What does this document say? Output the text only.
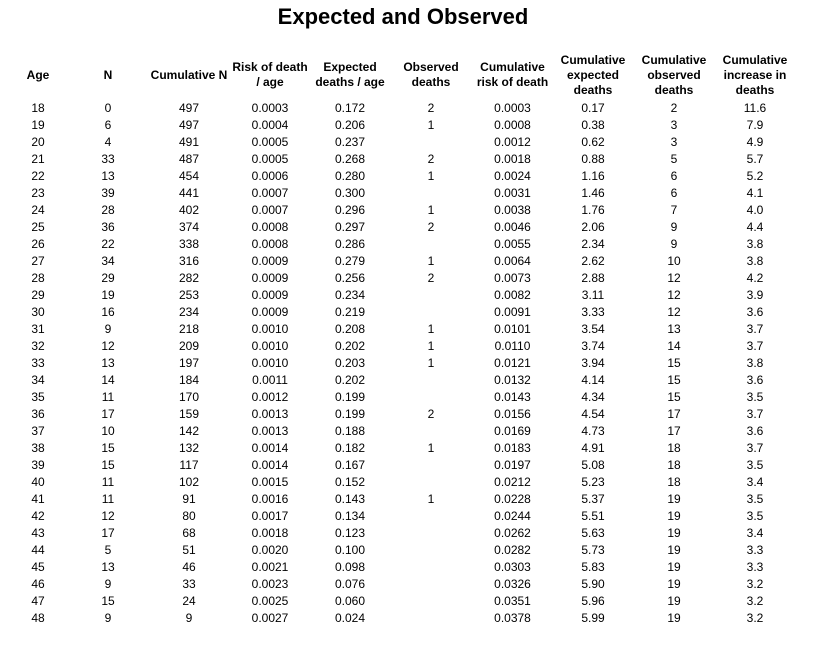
Expected and Observed
Age	N	Cumulative N	Risk of death / age	Expected deaths / age	Observed deaths	Cumulative risk of death	Cumulative expected deaths	Cumulative observed deaths	Cumulative increase in deaths
18	0	497	0.0003	0.172	2	0.0003	0.17	2	11.6
19	6	497	0.0004	0.206	1	0.0008	0.38	3	7.9
20	4	491	0.0005	0.237		0.0012	0.62	3	4.9
21	33	487	0.0005	0.268	2	0.0018	0.88	5	5.7
22	13	454	0.0006	0.280	1	0.0024	1.16	6	5.2
23	39	441	0.0007	0.300		0.0031	1.46	6	4.1
24	28	402	0.0007	0.296	1	0.0038	1.76	7	4.0
25	36	374	0.0008	0.297	2	0.0046	2.06	9	4.4
26	22	338	0.0008	0.286		0.0055	2.34	9	3.8
27	34	316	0.0009	0.279	1	0.0064	2.62	10	3.8
28	29	282	0.0009	0.256	2	0.0073	2.88	12	4.2
29	19	253	0.0009	0.234		0.0082	3.11	12	3.9
30	16	234	0.0009	0.219		0.0091	3.33	12	3.6
31	9	218	0.0010	0.208	1	0.0101	3.54	13	3.7
32	12	209	0.0010	0.202	1	0.0110	3.74	14	3.7
33	13	197	0.0010	0.203	1	0.0121	3.94	15	3.8
34	14	184	0.0011	0.202		0.0132	4.14	15	3.6
35	11	170	0.0012	0.199		0.0143	4.34	15	3.5
36	17	159	0.0013	0.199	2	0.0156	4.54	17	3.7
37	10	142	0.0013	0.188		0.0169	4.73	17	3.6
38	15	132	0.0014	0.182	1	0.0183	4.91	18	3.7
39	15	117	0.0014	0.167		0.0197	5.08	18	3.5
40	11	102	0.0015	0.152		0.0212	5.23	18	3.4
41	11	91	0.0016	0.143	1	0.0228	5.37	19	3.5
42	12	80	0.0017	0.134		0.0244	5.51	19	3.5
43	17	68	0.0018	0.123		0.0262	5.63	19	3.4
44	5	51	0.0020	0.100		0.0282	5.73	19	3.3
45	13	46	0.0021	0.098		0.0303	5.83	19	3.3
46	9	33	0.0023	0.076		0.0326	5.90	19	3.2
47	15	24	0.0025	0.060		0.0351	5.96	19	3.2
48	9	9	0.0027	0.024		0.0378	5.99	19	3.2
